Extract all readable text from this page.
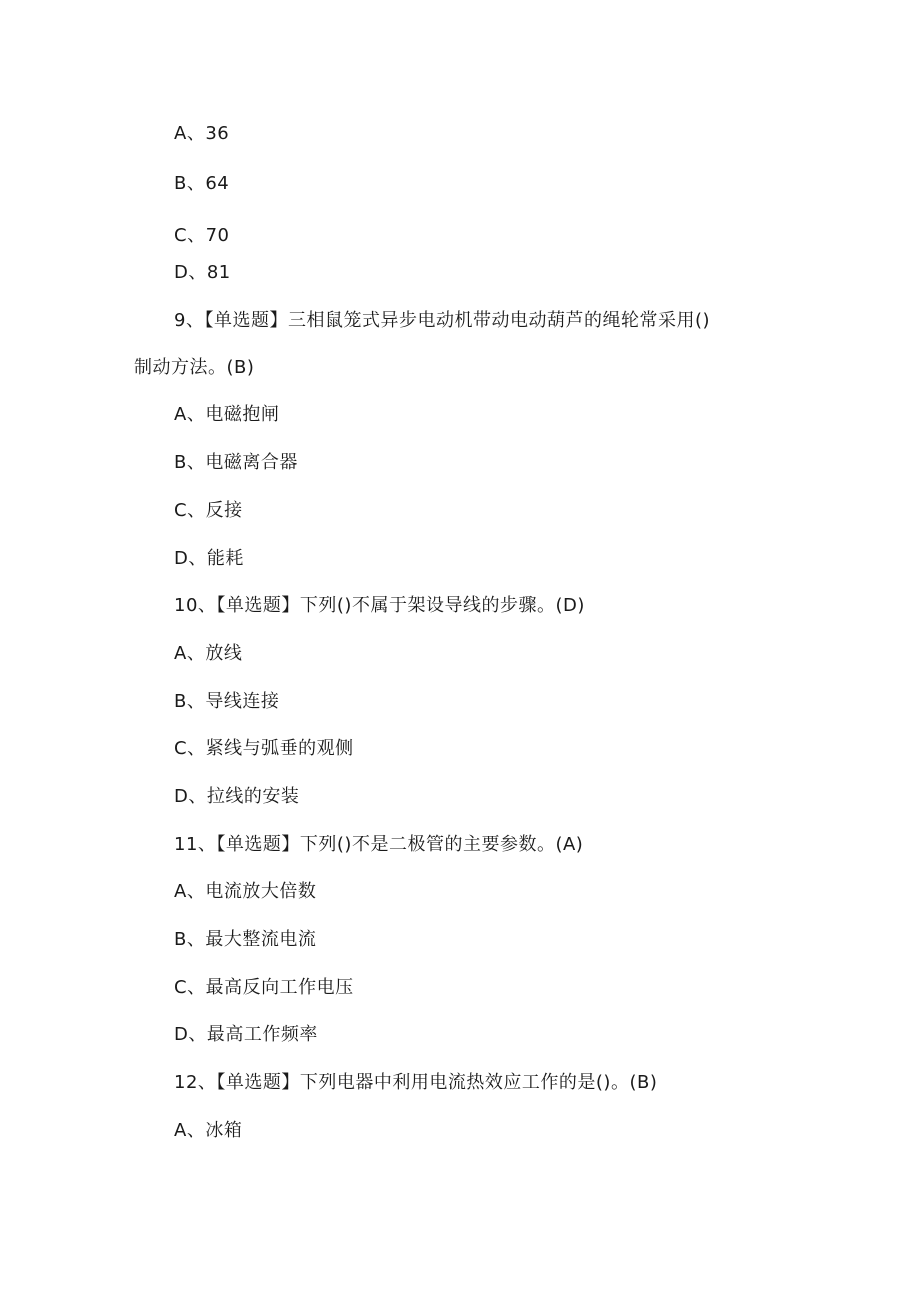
A、36
B、64
C、70
D、81
9、【单选题】三相鼠笼式异步电动机带动电动葫芦的绳轮常采用()
制动方法。(B)
A、电磁抱闸
B、电磁离合器
C、反接
D、能耗
10、【单选题】下列()不属于架设导线的步骤。(D)
A、放线
B、导线连接
C、紧线与弧垂的观侧
D、拉线的安装
11、【单选题】下列()不是二极管的主要参数。(A)
A、电流放大倍数
B、最大整流电流
C、最高反向工作电压
D、最高工作频率
12、【单选题】下列电器中利用电流热效应工作的是()。(B)
A、冰箱
